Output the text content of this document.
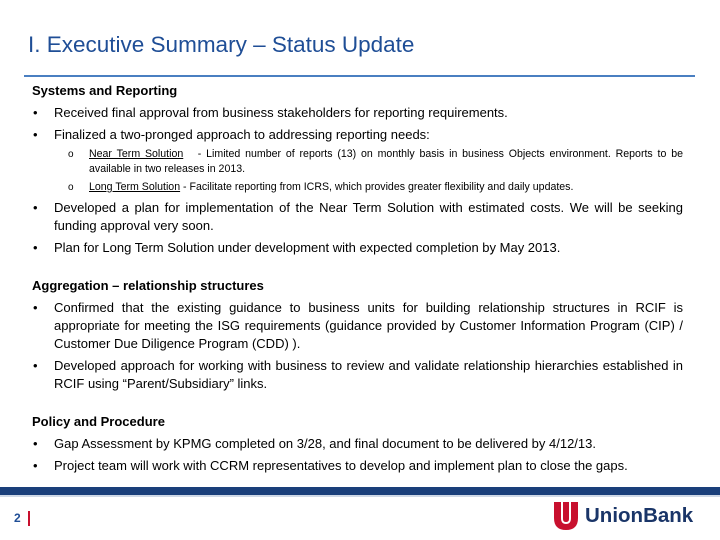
I. Executive Summary – Status Update

Systems and Reporting

• Received final approval from business stakeholders for reporting requirements.

• Finalized a two-pronged approach to addressing reporting needs:

o Near Term Solution - Limited number of reports (13) on monthly basis in business Objects environment. Reports to be available in two releases in 2013.

o Long Term Solution - Facilitate reporting from ICRS, which provides greater flexibility and daily updates.

• Developed a plan for implementation of the Near Term Solution with estimated costs. We will be seeking funding approval very soon.

• Plan for Long Term Solution under development with expected completion by May 2013.

Aggregation – relationship structures

• Confirmed that the existing guidance to business units for building relationship structures in RCIF is appropriate for meeting the ISG requirements (guidance provided by Customer Information Program (CIP) / Customer Due Diligence Program (CDD) ).

• Developed approach for working with business to review and validate relationship hierarchies established in RCIF using “Parent/Subsidiary” links.

Policy and Procedure

• Gap Assessment by KPMG completed on 3/28, and final document to be delivered by 4/12/13.

• Project team will work with CCRM representatives to develop and implement plan to close the gaps.

2	UnionBank
